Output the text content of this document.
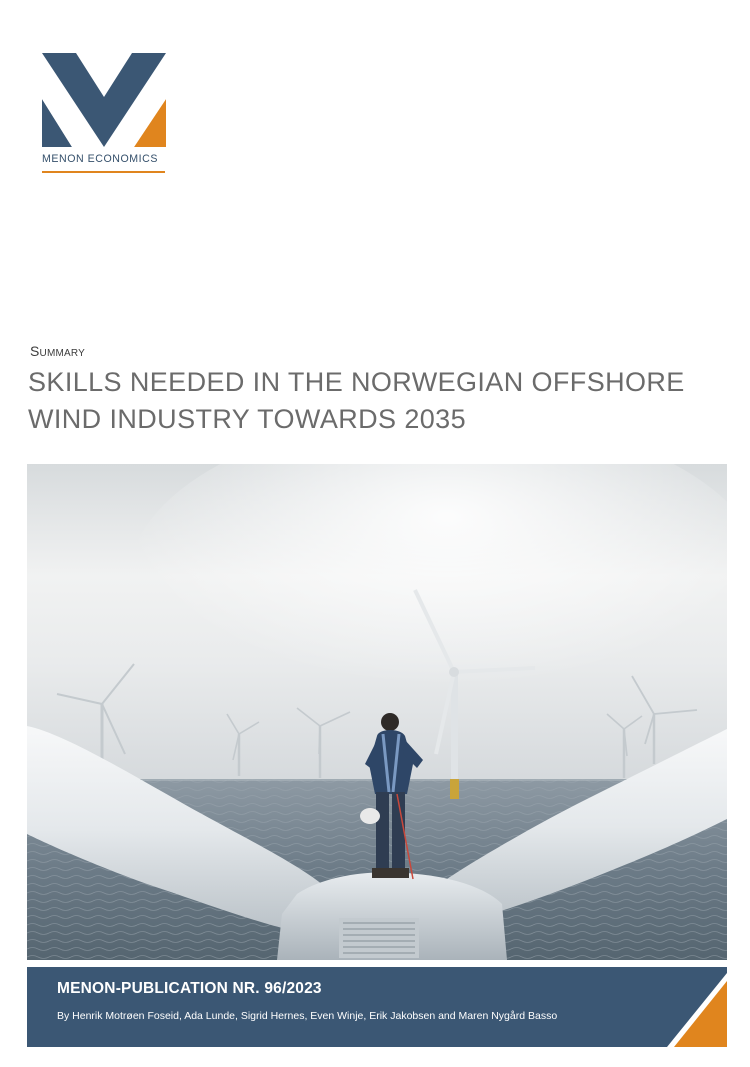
MENON ECONOMICS
Summary
SKILLS NEEDED IN THE NORWEGIAN OFFSHORE
WIND INDUSTRY TOWARDS 2035
MENON-PUBLICATION NR. 96/2023
By Henrik Motrøen Foseid, Ada Lunde, Sigrid Hernes, Even Winje, Erik Jakobsen and Maren Nygård Basso
